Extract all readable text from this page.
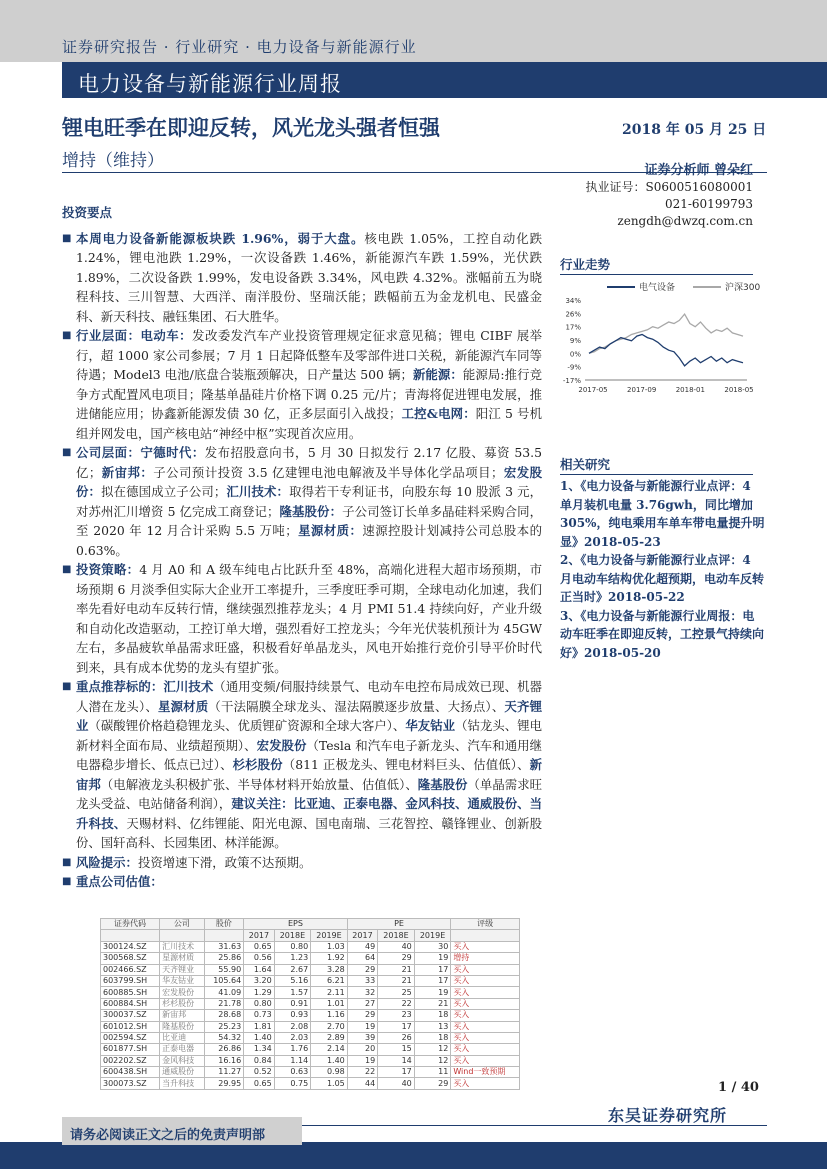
证券研究报告 · 行业研究 · 电力设备与新能源行业
电力设备与新能源行业周报
锂电旺季在即迎反转，风光龙头强者恒强	2018 年 05 月 25 日
增持（维持）	证券分析师 曾朵红
执业证号：S0600516080001
021-60199793
zengdh@dwzq.com.cn
投资要点
■ 本周电力设备新能源板块跌 1.96%，弱于大盘。核电跌 1.05%，工控自动化跌 1.24%，锂电池跌 1.29%，一次设备跌 1.46%，新能源汽车跌 1.59%，光伏跌 1.89%，二次设备跌 1.99%，发电设备跌 3.34%，风电跌 4.32%。涨幅前五为晓程科技、三川智慧、大西洋、南洋股份、坚瑞沃能；跌幅前五为金龙机电、民盛金科、新天科技、融钰集团、石大胜华。
■ 行业层面：电动车：发改委发汽车产业投资管理规定征求意见稿；锂电 CIBF 展举行，超 1000 家公司参展；7 月 1 日起降低整车及零部件进口关税，新能源汽车同等待遇；Model3 电池/底盘合装瓶颈解决，日产量达 500 辆；新能源：能源局:推行竞争方式配置风电项目；隆基单晶硅片价格下调 0.25 元/片；青海将促进锂电发展，推进储能应用；协鑫新能源发债 30 亿，正多层面引入战投；工控&电网：阳江 5 号机组并网发电，国产核电站“神经中枢”实现首次应用。
■ 公司层面：宁德时代：发布招股意向书，5 月 30 日拟发行 2.17 亿股、募资 53.5 亿；新宙邦：子公司预计投资 3.5 亿建锂电池电解液及半导体化学品项目；宏发股份：拟在德国成立子公司；汇川技术：取得若干专利证书，向股东每 10 股派 3 元，对苏州汇川增资 5 亿完成工商登记；隆基股份：子公司签订长单多晶硅料采购合同，至 2020 年 12 月合计采购 5.5 万吨；星源材质：速源控股计划减持公司总股本的 0.63%。
■ 投资策略：4 月 A0 和 A 级车纯电占比跃升至 48%，高端化进程大超市场预期，市场预期 6 月淡季但实际大企业开工率提升，三季度旺季可期，全球电动化加速，我们率先看好电动车反转行情，继续强烈推荐龙头；4 月 PMI 51.4 持续向好，产业升级和自动化改造驱动，工控订单大增，强烈看好工控龙头；今年光伏装机预计为 45GW 左右，多晶疲软单晶需求旺盛，积极看好单晶龙头，风电开始推行竞价引导平价时代到来，具有成本优势的龙头有望扩张。
■ 重点推荐标的：汇川技术（通用变频/伺服持续景气、电动车电控布局成效已现、机器人潜在龙头）、星源材质（干法隔膜全球龙头、湿法隔膜逐步放量、大扬点）、天齐锂业（碳酸锂价格趋稳锂龙头、优质锂矿资源和全球大客户）、华友钴业（钴龙头、锂电新材料全面布局、业绩超预期）、宏发股份（Tesla 和汽车电子新龙头、汽车和通用继电器稳步增长、低点已过）、杉杉股份（811 正极龙头、锂电材料巨头、估值低）、新宙邦（电解液龙头积极扩张、半导体材料开始放量、估值低）、隆基股份（单晶需求旺龙头受益、电站储备利润），建议关注：比亚迪、正泰电器、金风科技、通威股份、当升科技、天赐材料、亿纬锂能、阳光电源、国电南瑞、三花智控、赣锋锂业、创新股份、国轩高科、长园集团、林洋能源。
■ 风险提示：投资增速下滑，政策不达预期。
■ 重点公司估值：
证券代码	公司	股价	EPS			PE			评级
			2017	2018E	2019E	2017	2018E	2019E	
300124.SZ	汇川技术	31.63	0.65	0.80	1.03	49	40	30	买入
300568.SZ	星源材质	25.86	0.56	1.23	1.92	64	29	19	增持
002466.SZ	天齐锂业	55.90	1.64	2.67	3.28	29	21	17	买入
603799.SH	华友钴业	105.64	3.20	5.16	6.21	33	21	17	买入
600885.SH	宏发股份	41.09	1.29	1.57	2.11	32	25	19	买入
600884.SH	杉杉股份	21.78	0.80	0.91	1.01	27	22	21	买入
300037.SZ	新宙邦	28.68	0.73	0.93	1.16	29	23	18	买入
601012.SH	隆基股份	25.23	1.81	2.08	2.70	19	17	13	买入
002594.SZ	比亚迪	54.32	1.40	2.03	2.89	39	26	18	买入
601877.SH	正泰电器	26.86	1.34	1.76	2.14	20	15	12	买入
002202.SZ	金风科技	16.16	0.84	1.14	1.40	19	14	12	买入
600438.SH	通威股份	11.27	0.52	0.63	0.98	22	17	11	Wind一致预期
300073.SZ	当升科技	29.95	0.65	0.75	1.05	44	40	29	买入
行业走势
电气设备	沪深300
34%
26%
17%
9%
0%
-9%
-17%
2017-05	2017-09	2018-01	2018-05
相关研究
1、《电力设备与新能源行业点评：4 单月装机电量 3.76gwh，同比增加 305%，纯电乘用车单车带电量提升明显》2018-05-23
2、《电力设备与新能源行业点评：4 月电动车结构优化超预期，电动车反转正当时》2018-05-22
3、《电力设备与新能源行业周报：电动车旺季在即迎反转，工控景气持续向好》2018-05-20
1 / 40
东吴证券研究所
请务必阅读正文之后的免责声明部
